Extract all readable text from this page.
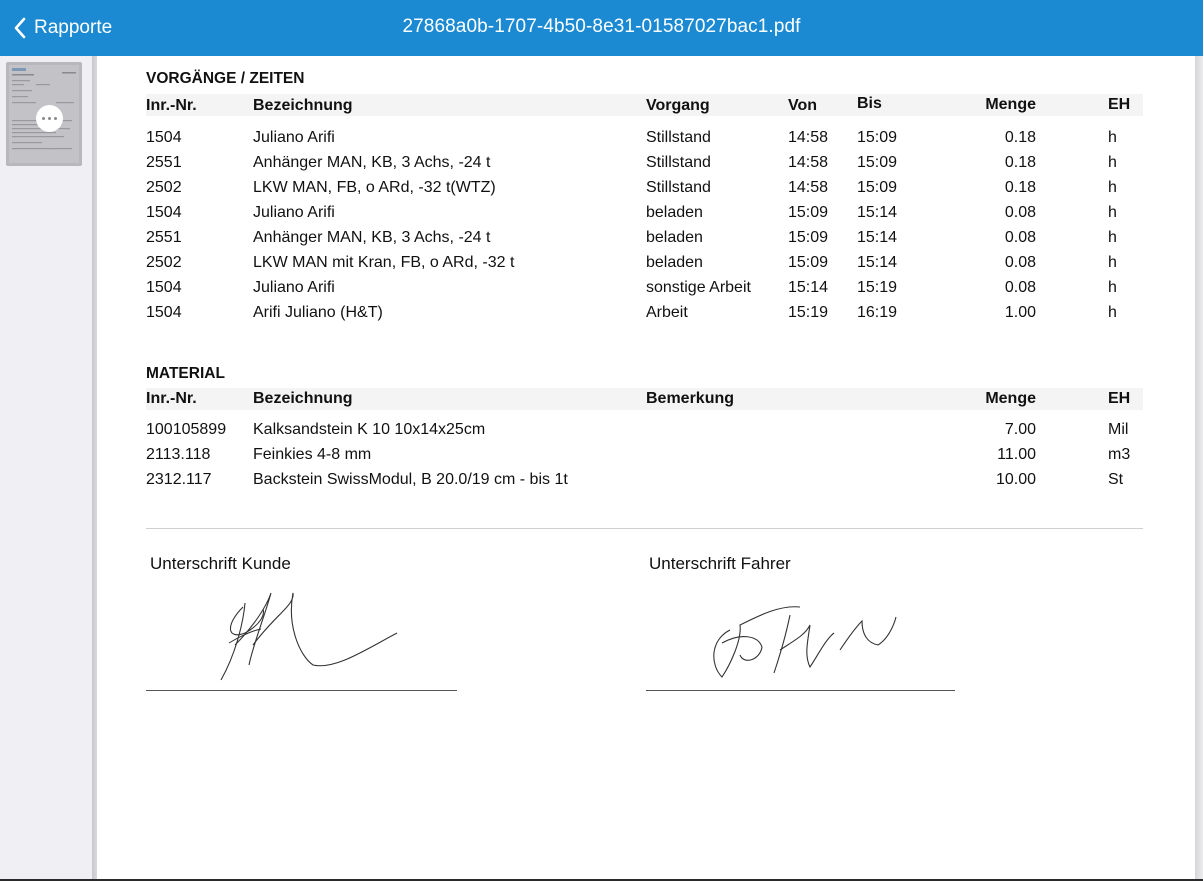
Rapporte	27868a0b-1707-4b50-8e31-01587027bac1.pdf
VORGÄNGE / ZEITEN
Inr.-Nr.	Bezeichnung	Vorgang	Von Bis	Menge	EH
1504	Juliano Arifi	Stillstand	14:58 15:09	0.18	h
2551	Anhänger MAN, KB, 3 Achs, -24 t	Stillstand	14:58 15:09	0.18	h
2502	LKW MAN, FB, o ARd, -32 t(WTZ)	Stillstand	14:58 15:09	0.18	h
1504	Juliano Arifi	beladen	15:09 15:14	0.08	h
2551	Anhänger MAN, KB, 3 Achs, -24 t	beladen	15:09 15:14	0.08	h
2502	LKW MAN mit Kran, FB, o ARd, -32 t	beladen	15:09 15:14	0.08	h
1504	Juliano Arifi	sonstige Arbeit 15:14 15:19	0.08	h
1504	Arifi Juliano (H&T)	Arbeit	15:19 16:19	1.00	h
MATERIAL
Inr.-Nr.	Bezeichnung	Bemerkung	Menge	EH
100105899 Kalksandstein K 10 10x14x25cm	7.00	Mil
2113.118	Feinkies 4-8 mm	11.00	m3
2312.117	Backstein SwissModul, B 20.0/19 cm - bis 1t	10.00	St
Unterschrift Kunde	Unterschrift Fahrer
